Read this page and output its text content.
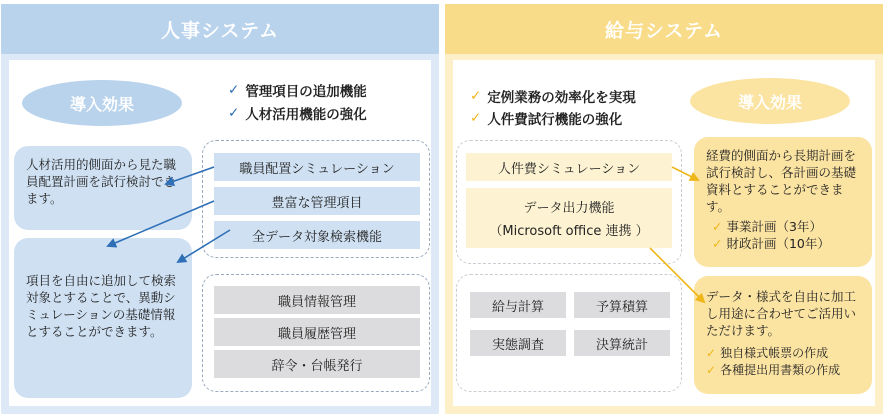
人事システム
導入効果
✓ 管理項目の追加機能
✓ 人材活用機能の強化
人材活用的側面から見た職員配置計画を試行検討できます。
項目を自由に追加して検索対象とすることで、異動シミュレーションの基礎情報とすることができます。
職員配置シミュレーション
豊富な管理項目
全データ対象検索機能
職員情報管理
職員履歴管理
辞令・台帳発行
給与システム
✓ 定例業務の効率化を実現
✓ 人件費試行機能の強化
導入効果
人件費シミュレーション
データ出力機能
（Microsoft office 連携 ）
給与計算	予算積算
実態調査	決算統計
経費的側面から長期計画を試行検討し、各計画の基礎資料とすることができます。
✓ 事業計画（3年）
✓ 財政計画（10年）
データ・様式を自由に加工し用途に合わせてご活用いただけます。
✓ 独自様式帳票の作成
✓ 各種提出用書類の作成
